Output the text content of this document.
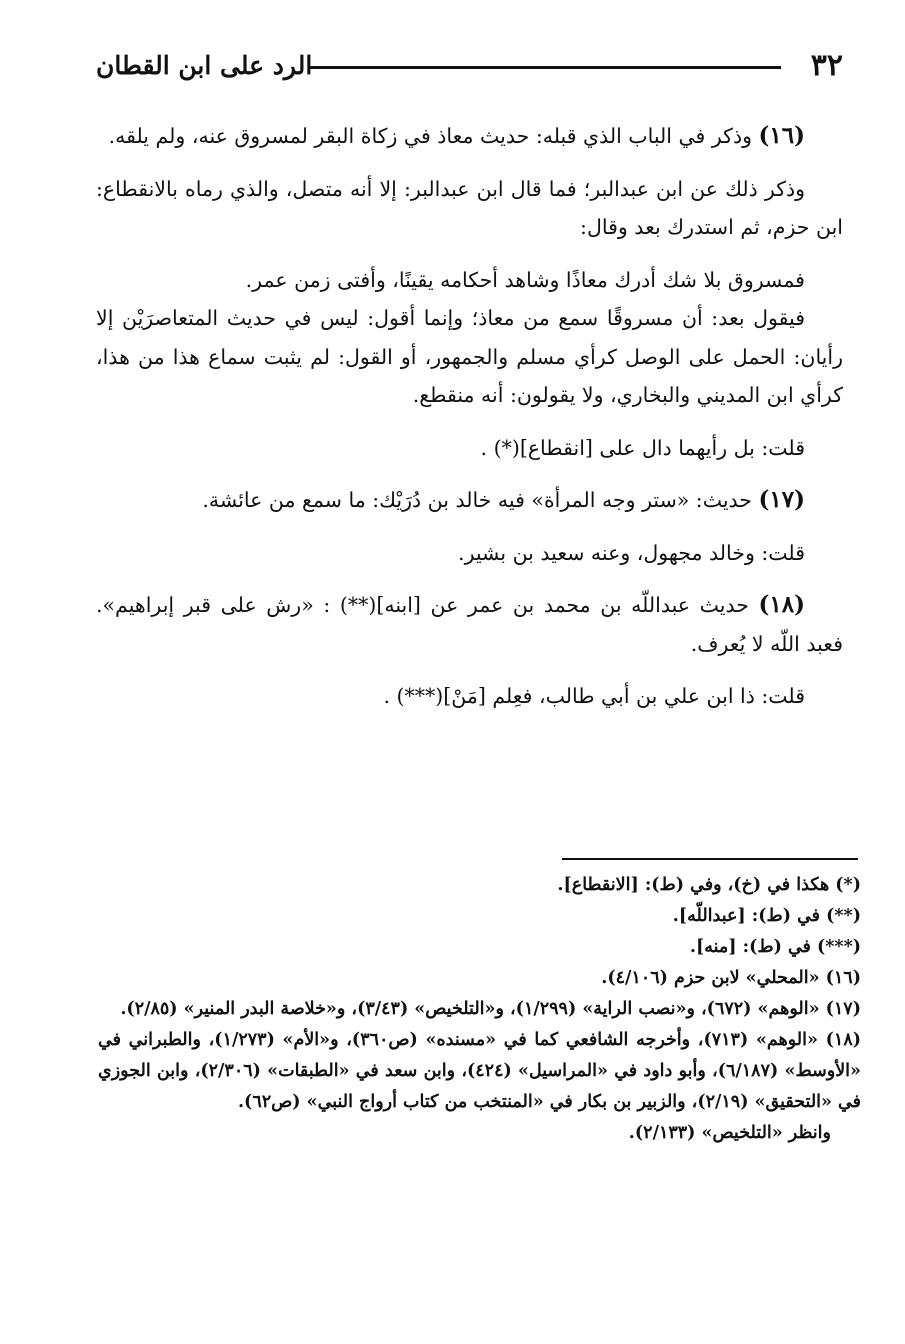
٣٢
الرد على ابن القطان

(١٦) وذكر في الباب الذي قبله: حديث معاذ في زكاة البقر لمسروق عنه، ولم يلقه.

وذكر ذلك عن ابن عبدالبر؛ فما قال ابن عبدالبر: إلا أنه متصل، والذي رماه بالانقطاع: ابن حزم، ثم استدرك بعد وقال:

فمسروق بلا شك أدرك معاذًا وشاهد أحكامه يقينًا، وأفتى زمن عمر.

فيقول بعد: أن مسروقًا سمع من معاذ؛ وإنما أقول: ليس في حديث المتعاصرَيْن إلا رأيان: الحمل على الوصل كرأي مسلم والجمهور، أو القول: لم يثبت سماع هذا من هذا، كرأي ابن المديني والبخاري، ولا يقولون: أنه منقطع.

قلت: بل رأيهما دال على [انقطاع](*) .

(١٧) حديث: «ستر وجه المرأة» فيه خالد بن دُرَيْك: ما سمع من عائشة.

قلت: وخالد مجهول، وعنه سعيد بن بشير.

(١٨) حديث عبداللّه بن محمد بن عمر عن [ابنه](**) : «رش على قبر إبراهيم». فعبد اللّه لا يُعرف.

قلت: ذا ابن علي بن أبي طالب، فعِلم [مَنْ](***) .

(*) هكذا في (خ)، وفي (ط): [الانقطاع].

(**) في (ط): [عبداللّه].

(***) في (ط): [منه].

(١٦) «المحلي» لابن حزم (٤/١٠٦).

(١٧) «الوهم» (٦٧٢)، و«نصب الراية» (١/٢٩٩)، و«التلخيص» (٣/٤٣)، و«خلاصة البدر المنير» (٢/٨٥).

(١٨) «الوهم» (٧١٣)، وأخرجه الشافعي كما في «مسنده» (ص٣٦٠)، و«الأم» (١/٢٧٣)، والطبراني في «الأوسط» (٦/١٨٧)، وأبو داود في «المراسيل» (٤٢٤)، وابن سعد في «الطبقات» (٢/٣٠٦)، وابن الجوزي في «التحقيق» (٢/١٩)، والزبير بن بكار في «المنتخب من كتاب أرواج النبي» (ص٦٢).

وانظر «التلخيص» (٢/١٣٣).
